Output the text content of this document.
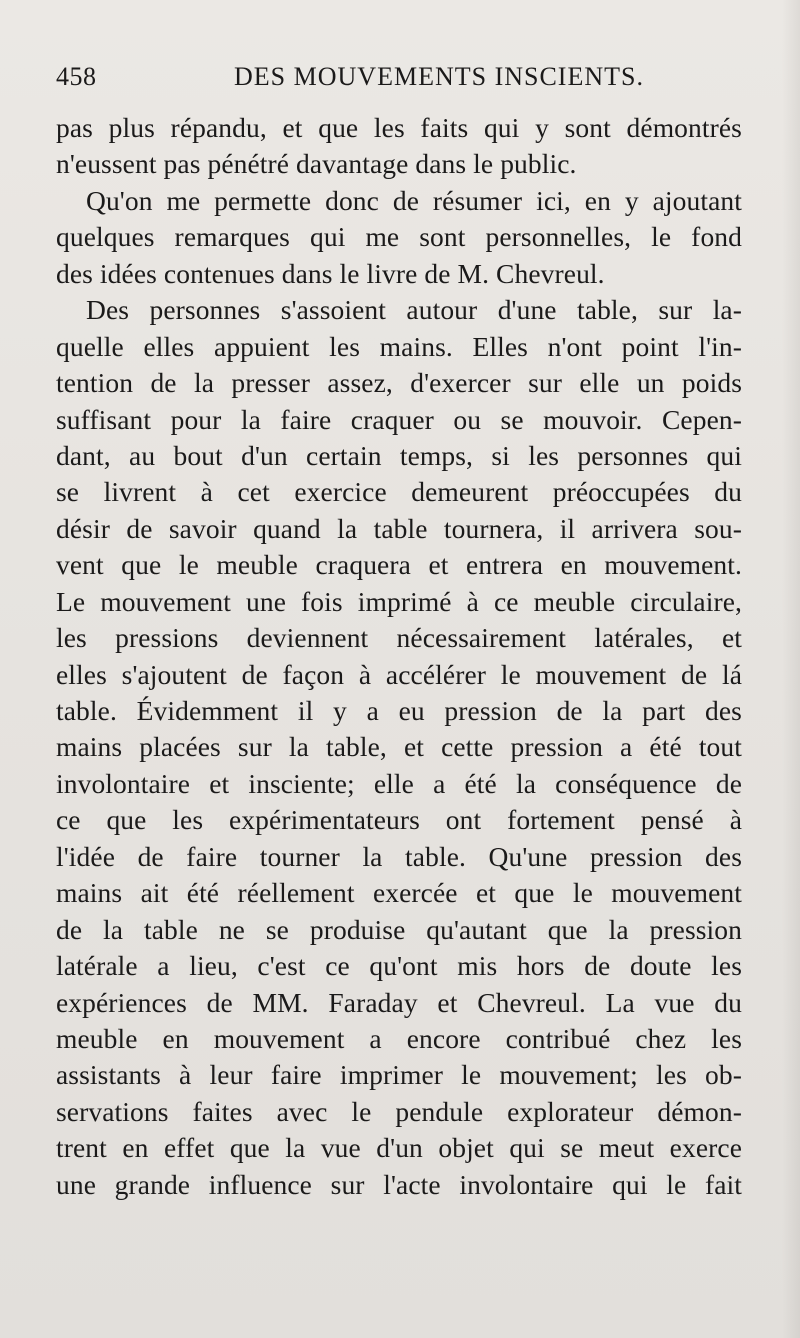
458	DES MOUVEMENTS INSCIENTS.
pas plus répandu, et que les faits qui y sont démontrés
n'eussent pas pénétré davantage dans le public.
Qu'on me permette donc de résumer ici, en y ajoutant
quelques remarques qui me sont personnelles, le fond
des idées contenues dans le livre de M. Chevreul.
Des personnes s'assoient autour d'une table, sur la-
quelle elles appuient les mains. Elles n'ont point l'in-
tention de la presser assez, d'exercer sur elle un poids
suffisant pour la faire craquer ou se mouvoir. Cepen-
dant, au bout d'un certain temps, si les personnes qui
se livrent à cet exercice demeurent préoccupées du
désir de savoir quand la table tournera, il arrivera sou-
vent que le meuble craquera et entrera en mouvement.
Le mouvement une fois imprimé à ce meuble circulaire,
les pressions deviennent nécessairement latérales, et
elles s'ajoutent de façon à accélérer le mouvement de lá
table. Évidemment il y a eu pression de la part des
mains placées sur la table, et cette pression a été tout
involontaire et insciente; elle a été la conséquence de
ce que les expérimentateurs ont fortement pensé à
l'idée de faire tourner la table. Qu'une pression des
mains ait été réellement exercée et que le mouvement
de la table ne se produise qu'autant que la pression
latérale a lieu, c'est ce qu'ont mis hors de doute les
expériences de MM. Faraday et Chevreul. La vue du
meuble en mouvement a encore contribué chez les
assistants à leur faire imprimer le mouvement; les ob-
servations faites avec le pendule explorateur démon-
trent en effet que la vue d'un objet qui se meut exerce
une grande influence sur l'acte involontaire qui le fait
